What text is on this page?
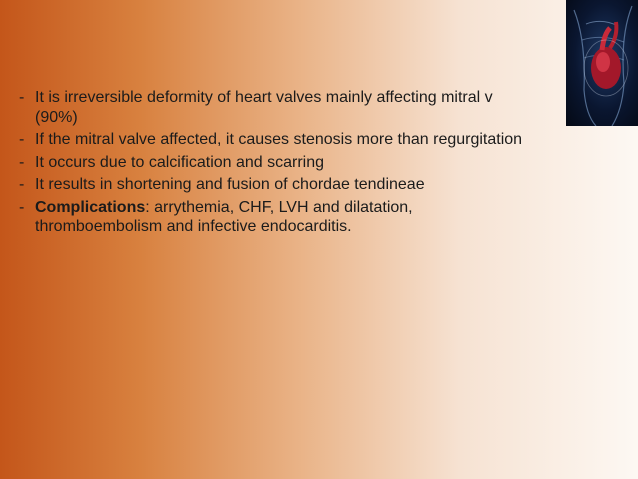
- It is irreversible deformity of heart valves mainly affecting mitral v
(90%)
- If the mitral valve affected, it causes stenosis more than regurgitation
- It occurs due to calcification and scarring
- It results in shortening and fusion of chordae tendineae
- Complications: arrythemia, CHF, LVH and dilatation,
thromboembolism and infective endocarditis.
